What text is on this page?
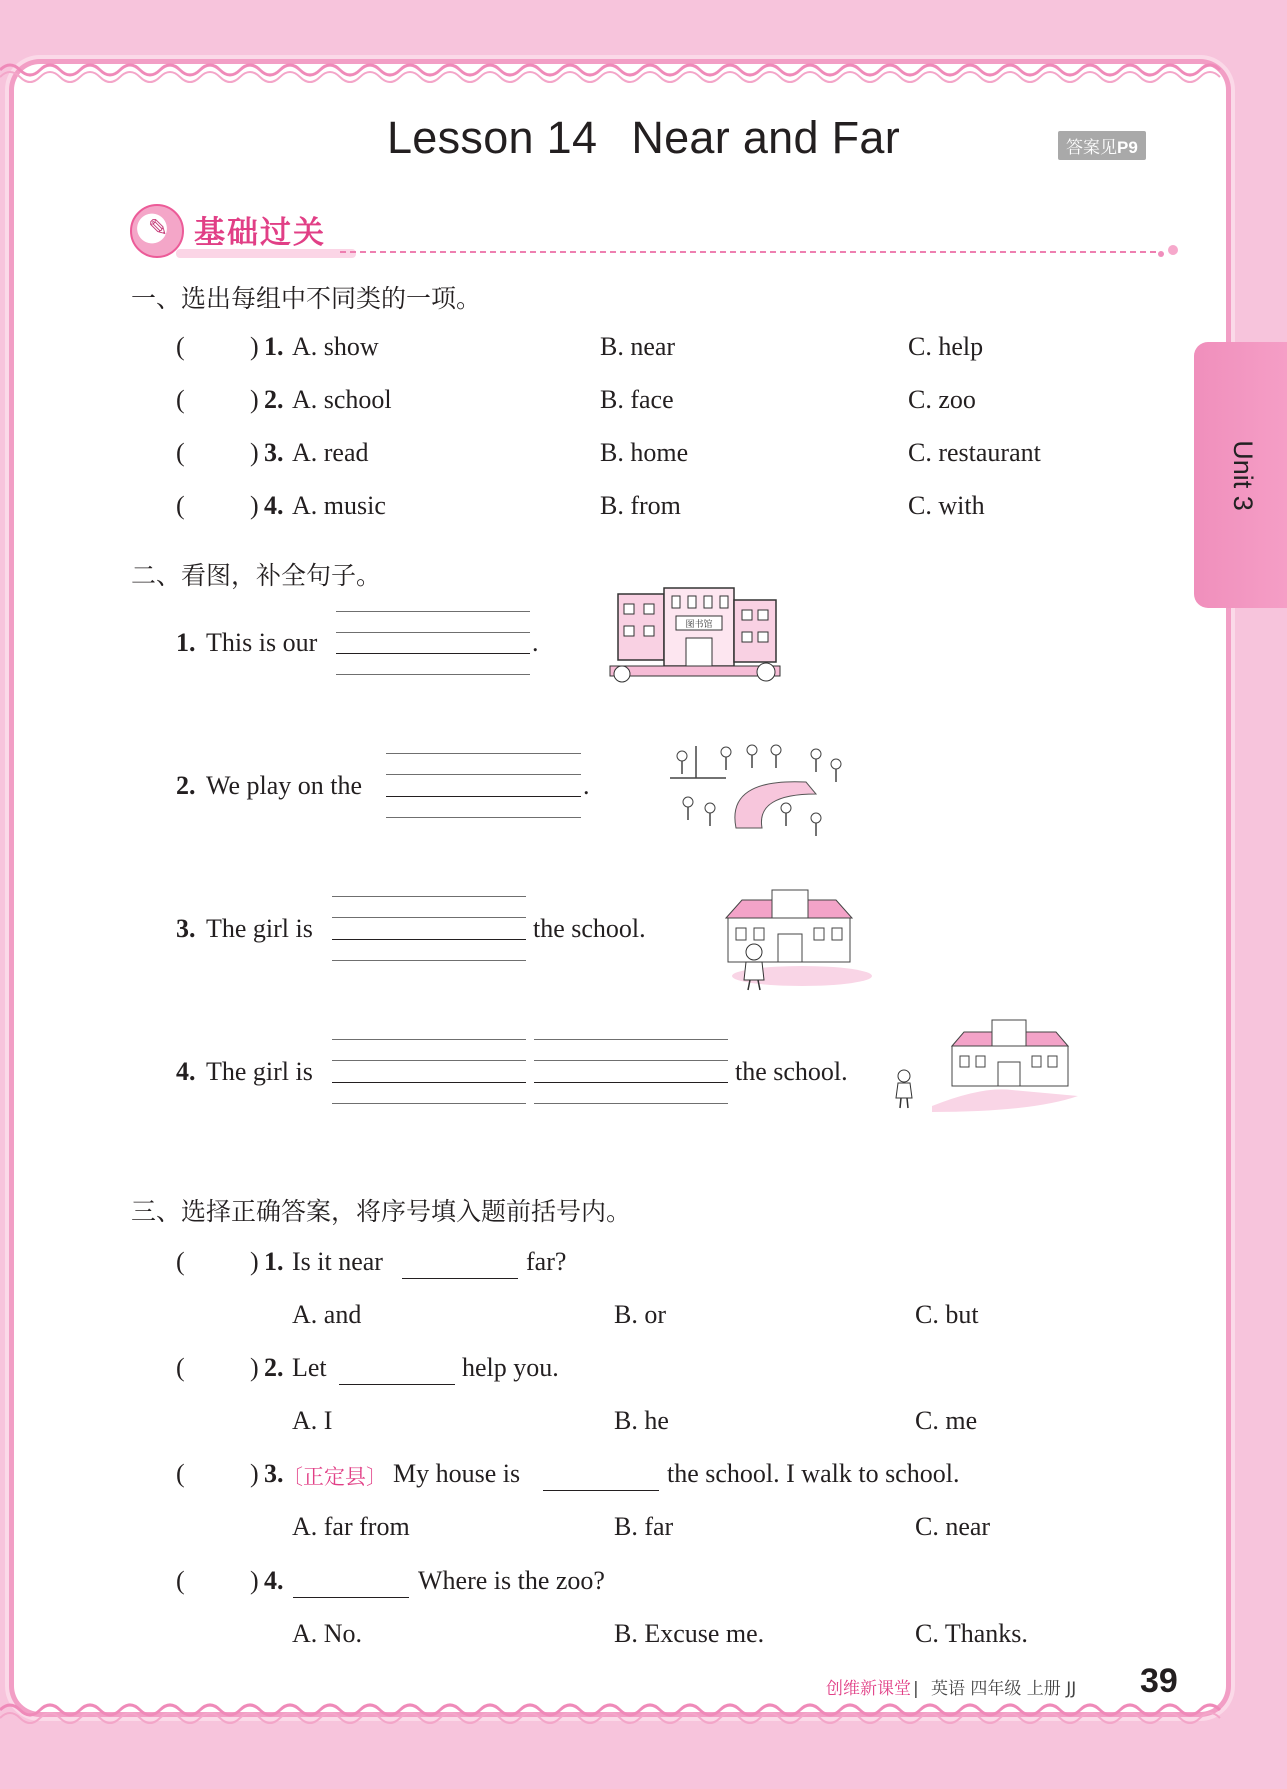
Unit 3
Lesson 14 Near and Far	答案见P9
✎
基础过关
一、选出每组中不同类的一项。
(	) 1. A. show	B. near	C. help
(	) 2. A. school	B. face	C. zoo
(	) 3. A. read	B. home	C. restaurant
(	) 4. A. music	B. from	C. with
二、看图，补全句子。
1. This is our	.
图书馆
2. We play on the	.
3. The girl is	the school.
4. The girl is	the school.
三、选择正确答案，将序号填入题前括号内。
(	) 1. Is it near	far?
A. and	B. or	C. but
(	) 2. Let	help you.
A. I	B. he	C. me
(	) 3.
〔正定县〕 My house is	the school. I walk to school.
A. far from	B. far	C. near
(	) 4.	Where is the zoo?
A. No.	B. Excuse me.	C. Thanks.
创维新课堂 | 英语 四年级 上册 JJ 39
